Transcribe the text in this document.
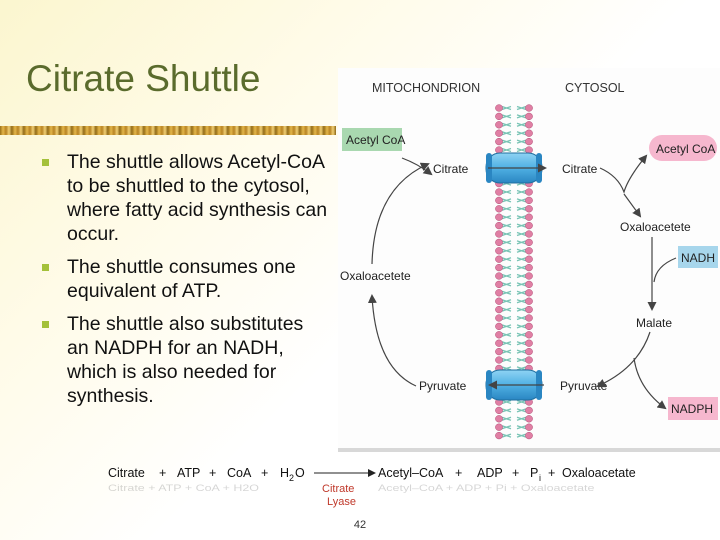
Citrate Shuttle
The shuttle allows Acetyl-CoA to be shuttled to the cytosol, where fatty acid synthesis can occur.
The shuttle consumes one equivalent of ATP.
The shuttle also substitutes an NADPH for an NADH, which is also needed for synthesis.
MITOCHONDRION	CYTOSOL
Acetyl CoA
Acetyl CoA
NADH
NADPH
Citrate	Citrate
Oxaloacetete
Oxaloacetete
Malate
Pyruvate	Pyruvate
Citrate + ATP + CoA + H 2 O	Acetyl–CoA + ADP + P i + Oxaloacetate
Citrate + ATP + CoA + H2O	Acetyl–CoA + ADP + Pi + Oxaloacetate
Citrate
Lyase
42
